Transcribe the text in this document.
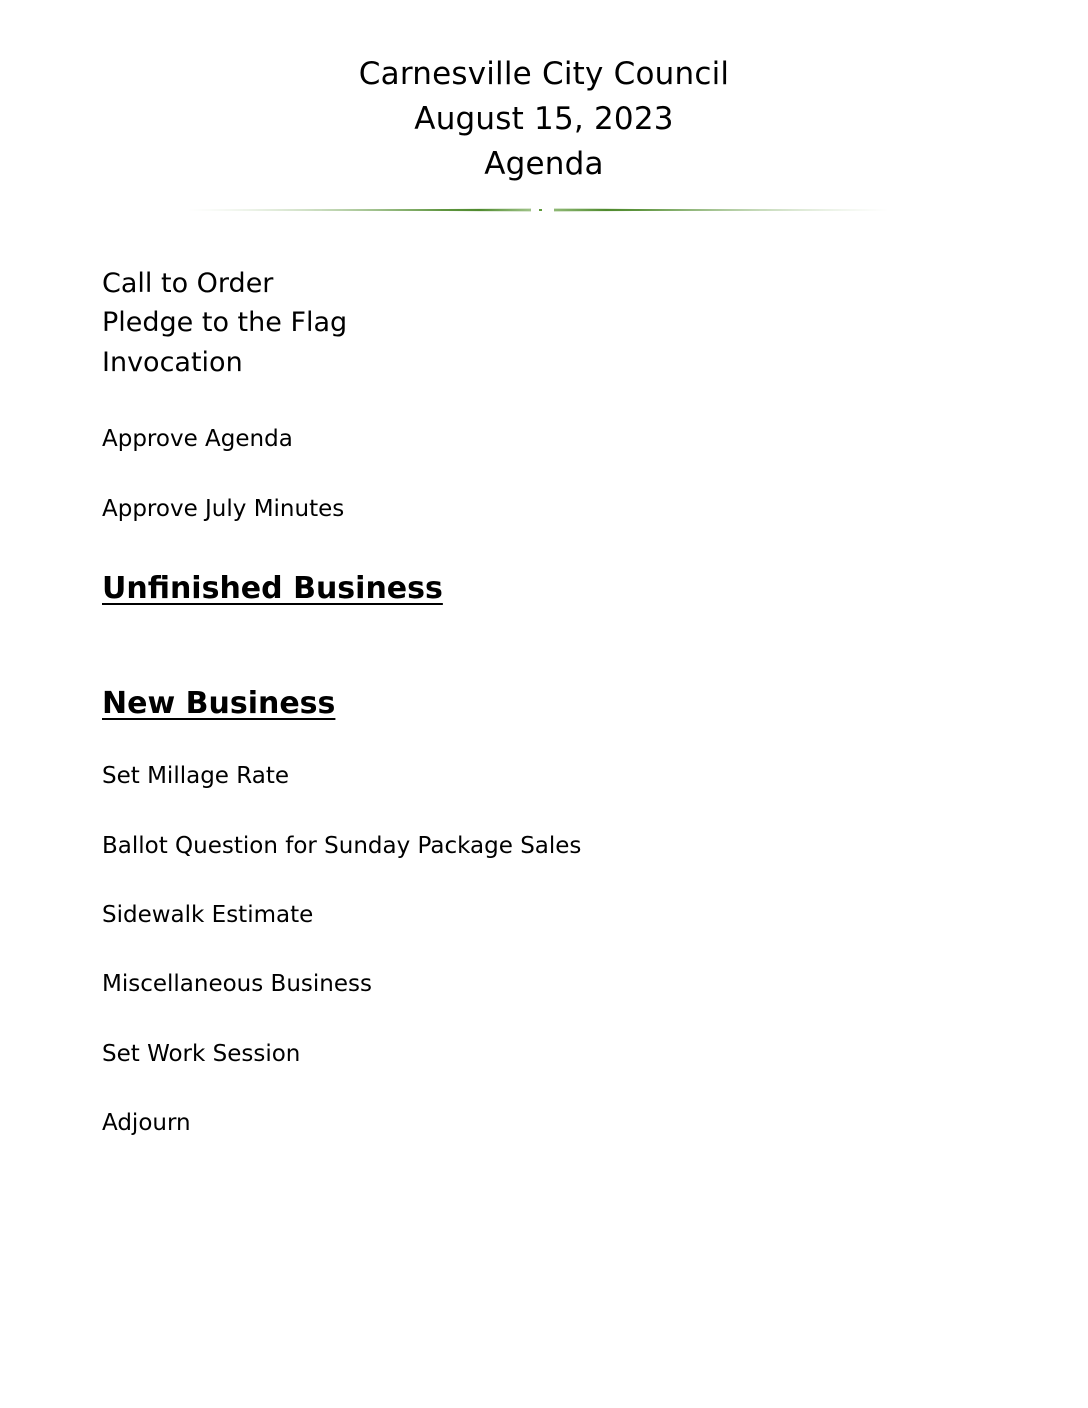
Carnesville City Council
August 15, 2023
Agenda
Call to Order
Pledge to the Flag
Invocation
Approve Agenda
Approve July Minutes
Unfinished Business
New Business
Set Millage Rate
Ballot Question for Sunday Package Sales
Sidewalk Estimate
Miscellaneous Business
Set Work Session
Adjourn
